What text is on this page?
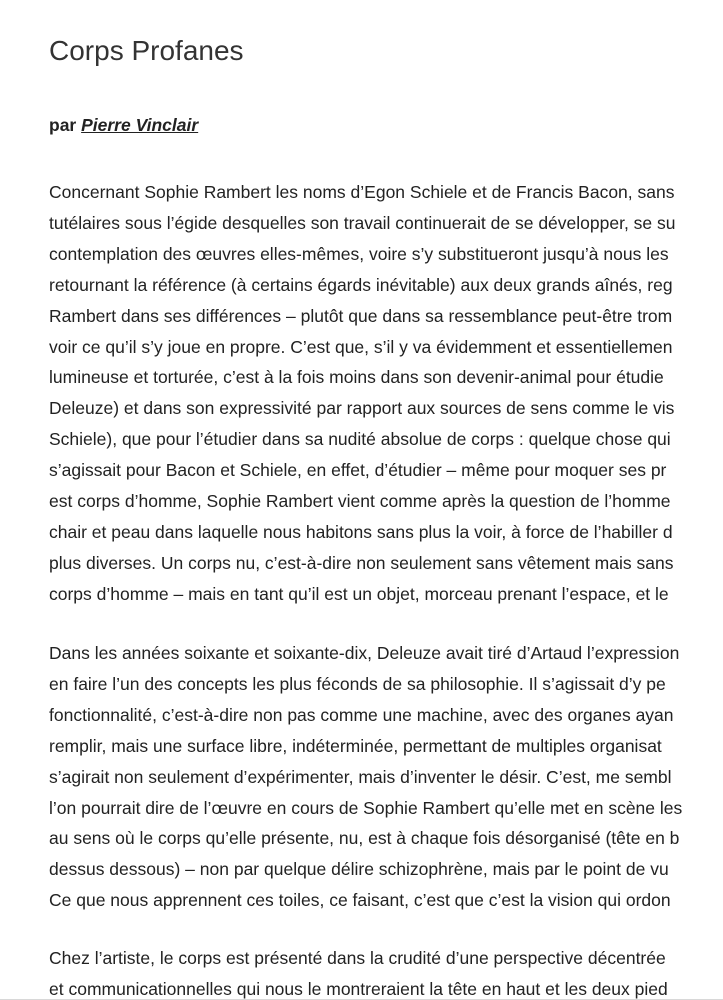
Corps Profanes
par Pierre Vinclair
Concernant Sophie Rambert les noms d’Egon Schiele et de Francis Bacon, sans
tutélaires sous l’égide desquelles son travail continuerait de se développer, se su
contemplation des œuvres elles-mêmes, voire s’y substitueront jusqu’à nous les
retournant la référence (à certains égards inévitable) aux deux grands aînés, reg
Rambert dans ses différences – plutôt que dans sa ressemblance peut-être trom
voir ce qu’il s’y joue en propre. C’est que, s’il y va évidemment et essentiellemen
lumineuse et torturée, c’est à la fois moins dans son devenir-animal pour étudie
Deleuze) et dans son expressivité par rapport aux sources de sens comme le vis
Schiele), que pour l’étudier dans sa nudité absolue de corps : quelque chose qui
s’agissait pour Bacon et Schiele, en effet, d’étudier – même pour moquer ses pr
est corps d’homme, Sophie Rambert vient comme après la question de l’homme
chair et peau dans laquelle nous habitons sans plus la voir, à force de l’habiller d
plus diverses. Un corps nu, c’est-à-dire non seulement sans vêtement mais sans
corps d’homme – mais en tant qu’il est un objet, morceau prenant l’espace, et le
Dans les années soixante et soixante-dix, Deleuze avait tiré d’Artaud l’expression
en faire l’un des concepts les plus féconds de sa philosophie. Il s’agissait d’y pe
fonctionnalité, c’est-à-dire non pas comme une machine, avec des organes ayan
remplir, mais une surface libre, indéterminée, permettant de multiples organisat
s’agirait non seulement d’expérimenter, mais d’inventer le désir. C’est, me sembl
l’on pourrait dire de l’œuvre en cours de Sophie Rambert qu’elle met en scène les
au sens où le corps qu’elle présente, nu, est à chaque fois désorganisé (tête en b
dessus dessous) – non par quelque délire schizophrène, mais par le point de vu
Ce que nous apprennent ces toiles, ce faisant, c’est que c’est la vision qui ordon
Chez l’artiste, le corps est présenté dans la crudité d’une perspective décentrée
et communicationnelles qui nous le montreraient la tête en haut et les deux pied
